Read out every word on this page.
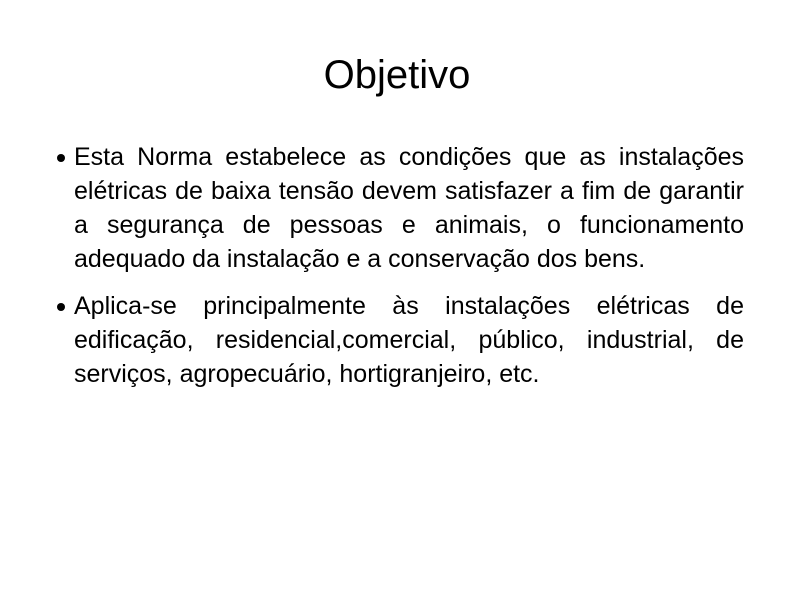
Objetivo
Esta Norma estabelece as condições que as instalações elétricas de baixa tensão devem satisfazer a fim de garantir a segurança de pessoas e animais, o funcionamento adequado da instalação e a conservação dos bens.
Aplica-se principalmente às instalações elétricas de edificação, residencial,comercial, público, industrial, de serviços, agropecuário, hortigranjeiro, etc.
